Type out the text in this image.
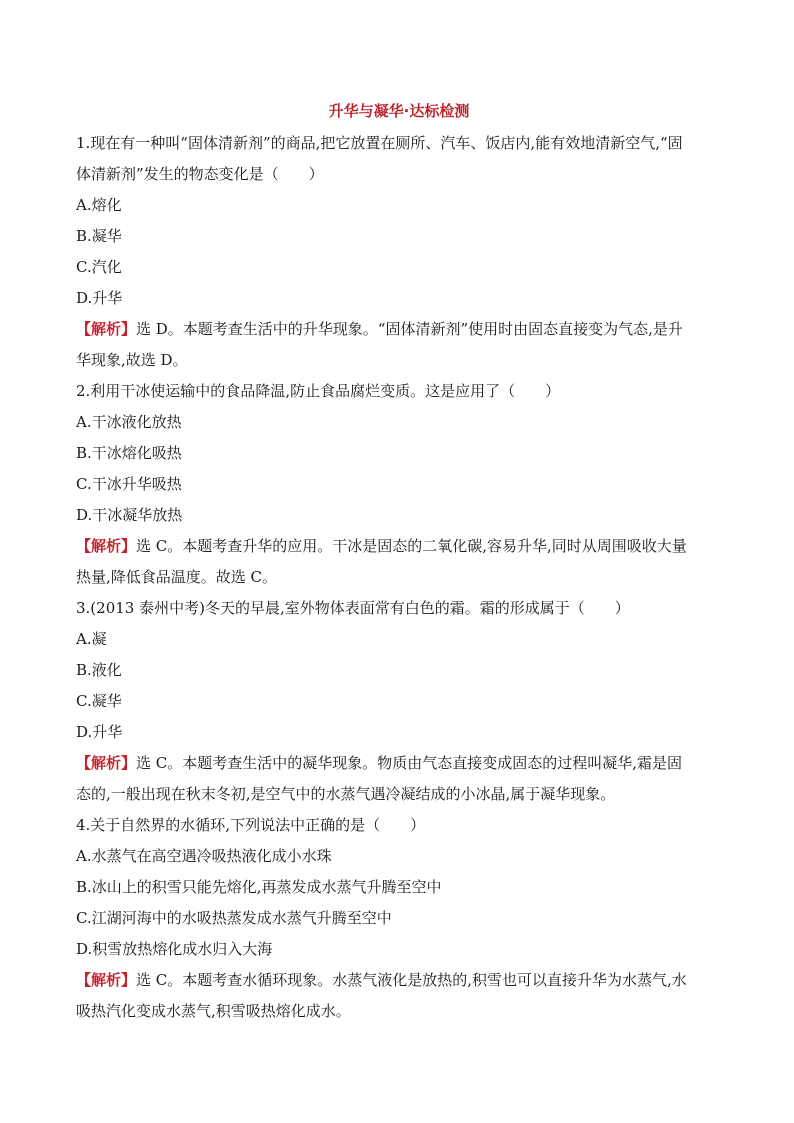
升华与凝华·达标检测
1.现在有一种叫“固体清新剂”的商品,把它放置在厕所、汽车、饭店内,能有效地清新空气,“固
体清新剂”发生的物态变化是（　　）
A.熔化
B.凝华
C.汽化
D.升华
【解析】选 D。本题考查生活中的升华现象。“固体清新剂”使用时由固态直接变为气态,是升
华现象,故选 D。
2.利用干冰使运输中的食品降温,防止食品腐烂变质。这是应用了（　　）
A.干冰液化放热
B.干冰熔化吸热
C.干冰升华吸热
D.干冰凝华放热
【解析】选 C。本题考查升华的应用。干冰是固态的二氧化碳,容易升华,同时从周围吸收大量
热量,降低食品温度。故选 C。
3.(2013 泰州中考)冬天的早晨,室外物体表面常有白色的霜。霜的形成属于（　　）
A.凝
B.液化
C.凝华
D.升华
【解析】选 C。本题考查生活中的凝华现象。物质由气态直接变成固态的过程叫凝华,霜是固
态的,一般出现在秋末冬初,是空气中的水蒸气遇冷凝结成的小冰晶,属于凝华现象。
4.关于自然界的水循环,下列说法中正确的是（　　）
A.水蒸气在高空遇冷吸热液化成小水珠
B.冰山上的积雪只能先熔化,再蒸发成水蒸气升腾至空中
C.江湖河海中的水吸热蒸发成水蒸气升腾至空中
D.积雪放热熔化成水归入大海
【解析】选 C。本题考查水循环现象。水蒸气液化是放热的,积雪也可以直接升华为水蒸气,水
吸热汽化变成水蒸气,积雪吸热熔化成水。
